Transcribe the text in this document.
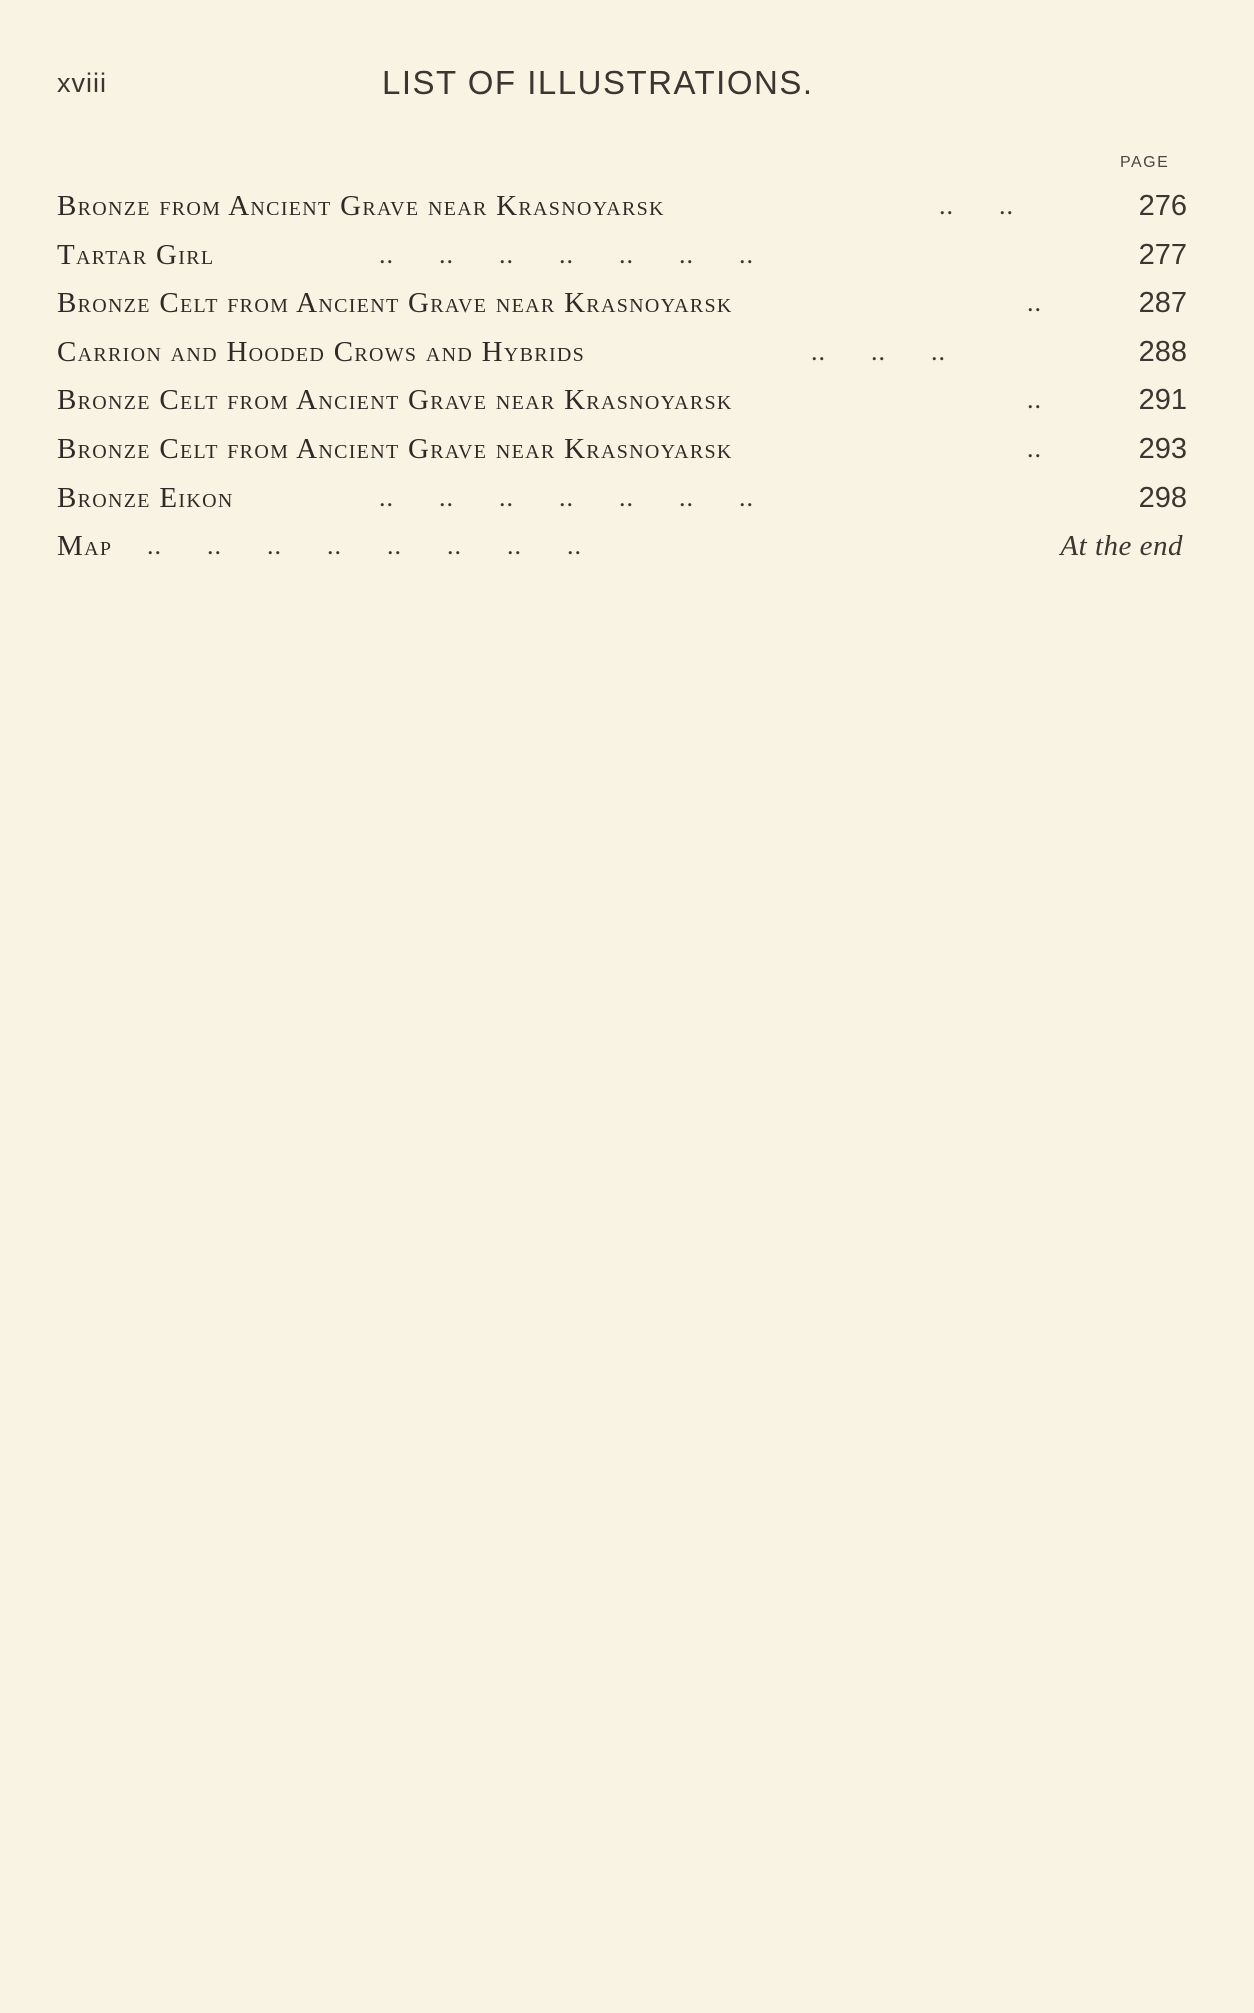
xviii	LIST OF ILLUSTRATIONS.
PAGE
Bronze from Ancient Grave near Krasnoyarsk	..      ..	276
Tartar Girl	..      ..      ..      ..      ..      ..      ..	277
Bronze Celt from Ancient Grave near Krasnoyarsk	..	287
Carrion and Hooded Crows and Hybrids	..      ..      ..	288
Bronze Celt from Ancient Grave near Krasnoyarsk	..	291
Bronze Celt from Ancient Grave near Krasnoyarsk	..	293
Bronze Eikon	..      ..      ..      ..      ..      ..      ..	298
Map ..      ..      ..      ..      ..      ..      ..      ..	At the end
